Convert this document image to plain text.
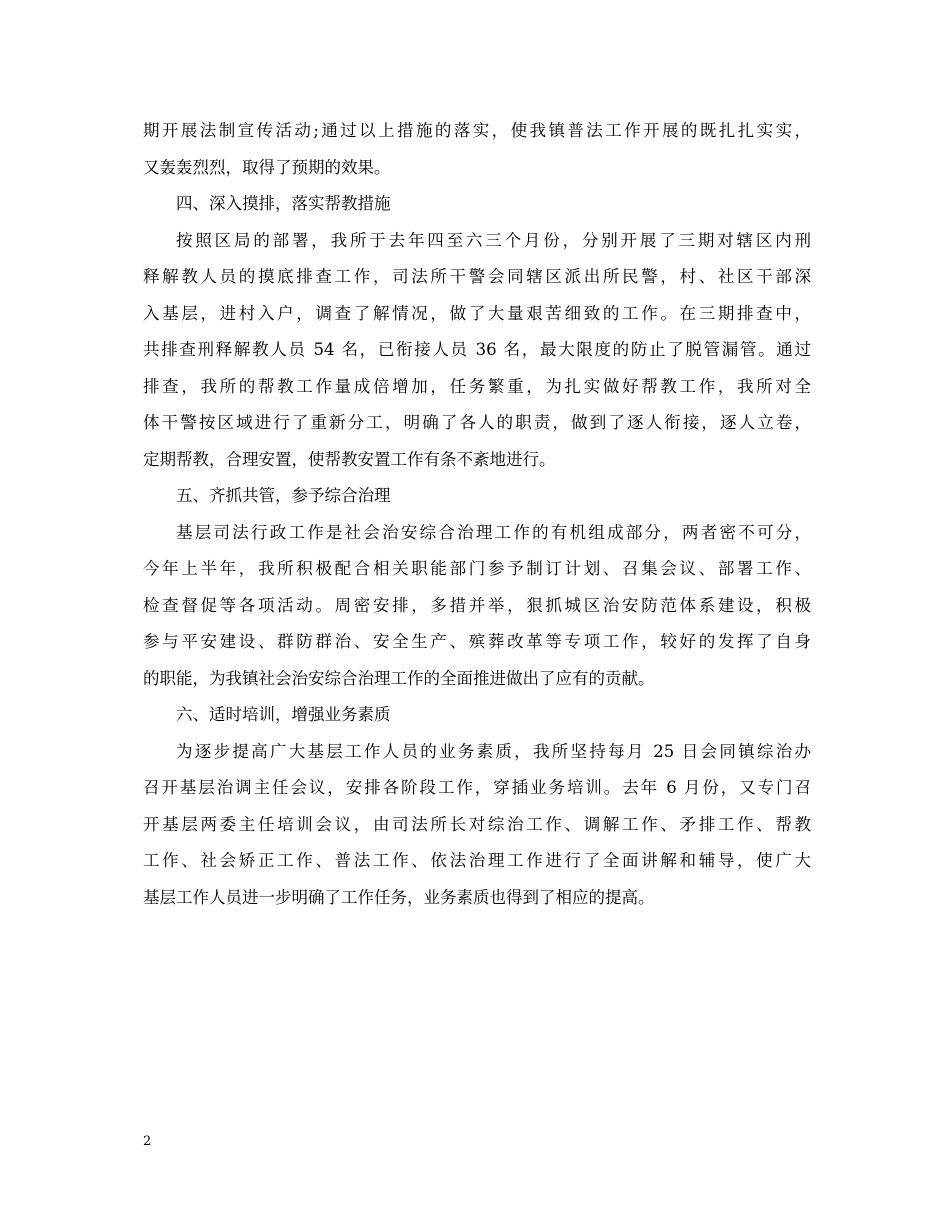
期开展法制宣传活动;通过以上措施的落实，使我镇普法工作开展的既扎扎实实，
又轰轰烈烈，取得了预期的效果。
四、深入摸排，落实帮教措施
按照区局的部署，我所于去年四至六三个月份，分别开展了三期对辖区内刑
释解教人员的摸底排查工作，司法所干警会同辖区派出所民警，村、社区干部深
入基层，进村入户，调查了解情况，做了大量艰苦细致的工作。在三期排查中，
共排查刑释解教人员 54 名，已衔接人员 36 名，最大限度的防止了脱管漏管。通过
排查，我所的帮教工作量成倍增加，任务繁重，为扎实做好帮教工作，我所对全
体干警按区域进行了重新分工，明确了各人的职责，做到了逐人衔接，逐人立卷，
定期帮教，合理安置，使帮教安置工作有条不紊地进行。
五、齐抓共管，参予综合治理
基层司法行政工作是社会治安综合治理工作的有机组成部分，两者密不可分，
今年上半年，我所积极配合相关职能部门参予制订计划、召集会议、部署工作、
检查督促等各项活动。周密安排，多措并举，狠抓城区治安防范体系建设，积极
参与平安建设、群防群治、安全生产、殡葬改革等专项工作，较好的发挥了自身
的职能，为我镇社会治安综合治理工作的全面推进做出了应有的贡献。
六、适时培训，增强业务素质
为逐步提高广大基层工作人员的业务素质，我所坚持每月 25 日会同镇综治办
召开基层治调主任会议，安排各阶段工作，穿插业务培训。去年 6 月份，又专门召
开基层两委主任培训会议，由司法所长对综治工作、调解工作、矛排工作、帮教
工作、社会矫正工作、普法工作、依法治理工作进行了全面讲解和辅导，使广大
基层工作人员进一步明确了工作任务，业务素质也得到了相应的提高。
2
